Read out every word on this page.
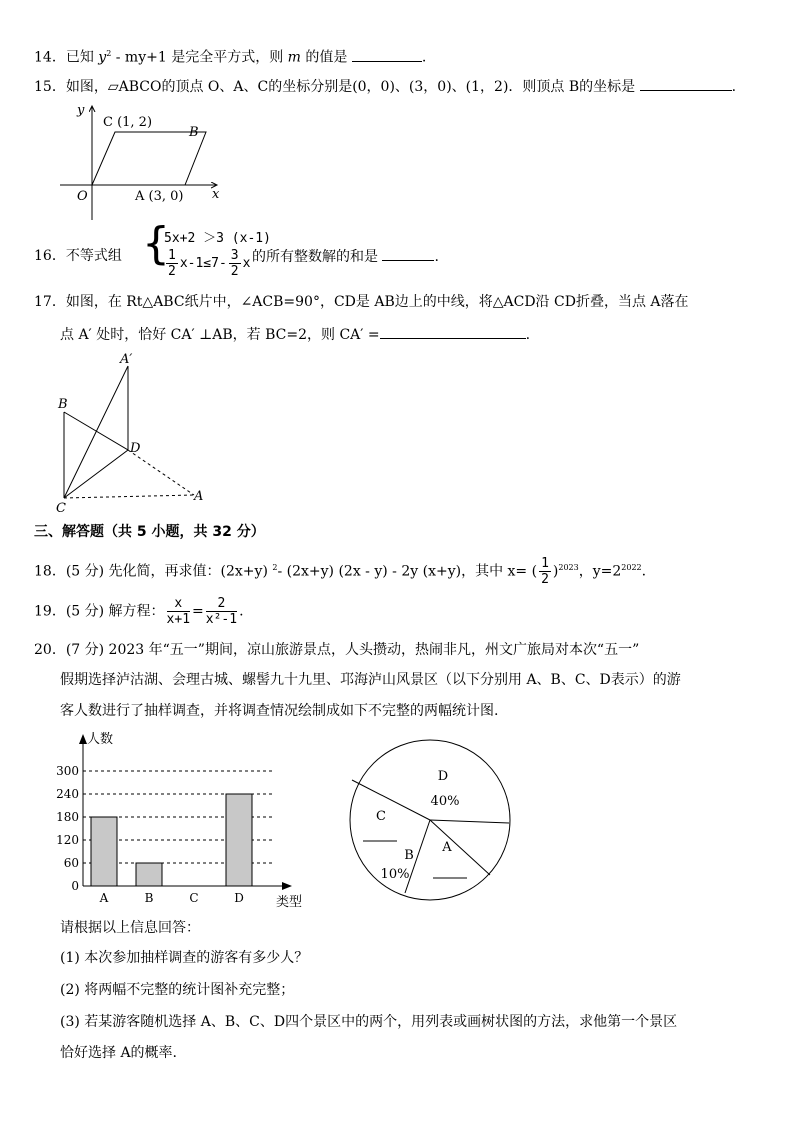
14．已知 $y^2 - my+1$ 是完全平方式，则 m 的值是	.
15．如图，▱ABCO的顶点 O、A、C的坐标分别是(0，0)、(3，0)、(1，2)．则顶点 B的坐标是	.
y
x
O
C (1, 2)
B
A (3, 0)
16．不等式组 {
5x+2 ＞3 (x-1)
$\frac{1}{2} x-1\le 7- \frac{3}{2}$ x 的所有整数解的和是	.
17．如图，在 Rt△ABC纸片中，∠ACB=90°，CD是 AB边上的中线，将△ACD沿 CD折叠，当点 A落在
点 A′ 处时，恰好 CA′ ⊥AB，若 BC=2，则 CA′ =	.
A′
B
D
C
A
三、解答题（共 5 小题，共 32 分）
18．(5 分) 先化简，再求值：(2x+y) $^2$- (2x+y) (2x - y) - 2y (x+y)，其中 x= ( $\frac{1}{2} )^{2023}$，$y=2^{2022}$.
19．(5 分) 解方程： $\frac{x}{x+1} = \frac{2}{\text{x²-1}}$ .
20．(7 分) 2023 年“五一”期间，凉山旅游景点，人头攒动，热闹非凡，州文广旅局对本次“五一”
假期选择泸沽湖、会理古城、螺髻九十九里、邛海泸山风景区（以下分别用 A、B、C、D表示）的游
客人数进行了抽样调查，并将调查情况绘制成如下不完整的两幅统计图.
人数
类型
0
60
120
180
240
300
A	B	C	D
D
40%
C
B
10%
A
请根据以上信息回答：
(1) 本次参加抽样调查的游客有多少人？
(2) 将两幅不完整的统计图补充完整；
(3) 若某游客随机选择 A、B、C、D四个景区中的两个，用列表或画树状图的方法，求他第一个景区
恰好选择 A的概率.
